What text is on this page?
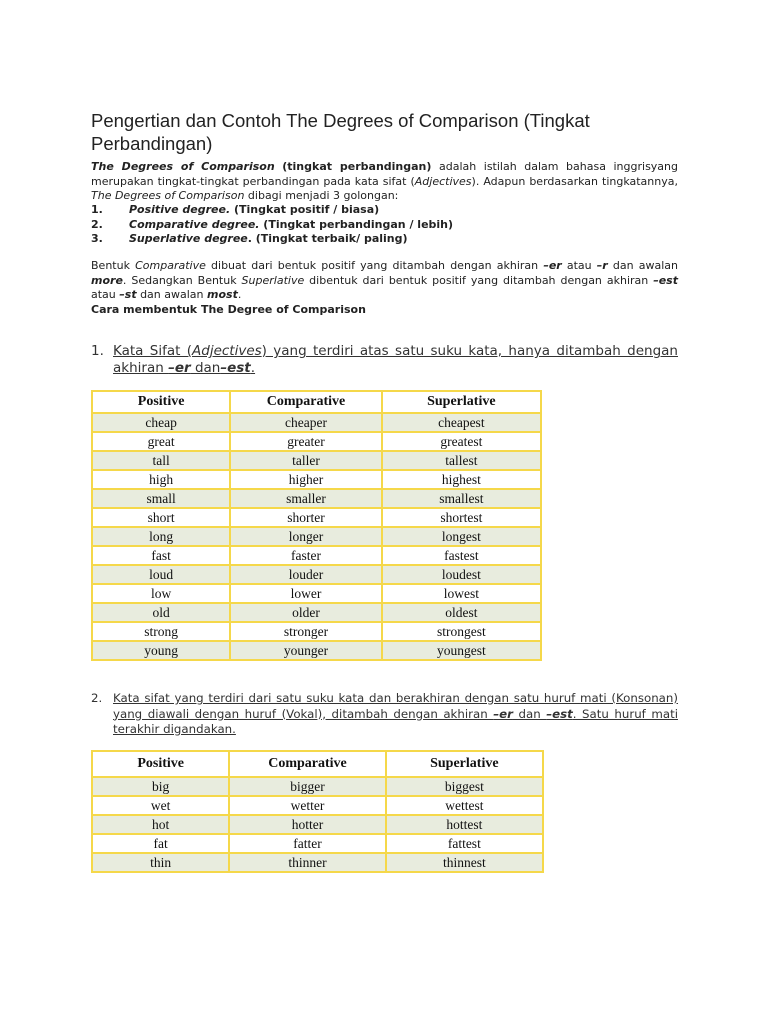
Pengertian dan Contoh The Degrees of Comparison (Tingkat Perbandingan)

The Degrees of Comparison (tingkat perbandingan) adalah istilah dalam bahasa inggrisyang merupakan tingkat-tingkat perbandingan pada kata sifat (Adjectives). Adapun berdasarkan tingkatannya, The Degrees of Comparison dibagi menjadi 3 golongan:

1.	Positive degree. (Tingkat positif / biasa)
2.	Comparative degree. (Tingkat perbandingan / lebih)
3.	Superlative degree. (Tingkat terbaik/ paling)

Bentuk Comparative dibuat dari bentuk positif yang ditambah dengan akhiran –er atau –r dan awalan more. Sedangkan Bentuk Superlative dibentuk dari bentuk positif yang ditambah dengan akhiran –est atau –st dan awalan most.

Cara membentuk The Degree of Comparison

1. Kata Sifat (Adjectives) yang terdiri atas satu suku kata, hanya ditambah dengan akhiran –er dan–est.
Positive	Comparative	Superlative
cheap	cheaper	cheapest
great	greater	greatest
tall	taller	tallest
high	higher	highest
small	smaller	smallest
short	shorter	shortest
long	longer	longest
fast	faster	fastest
loud	louder	loudest
low	lower	lowest
old	older	oldest
strong	stronger	strongest
young	younger	youngest
2. Kata sifat yang terdiri dari satu suku kata dan berakhiran dengan satu huruf mati (Konsonan) yang diawali dengan huruf (Vokal), ditambah dengan akhiran –er dan –est. Satu huruf mati terakhir digandakan.
Positive	Comparative	Superlative
big	bigger	biggest
wet	wetter	wettest
hot	hotter	hottest
fat	fatter	fattest
thin	thinner	thinnest
